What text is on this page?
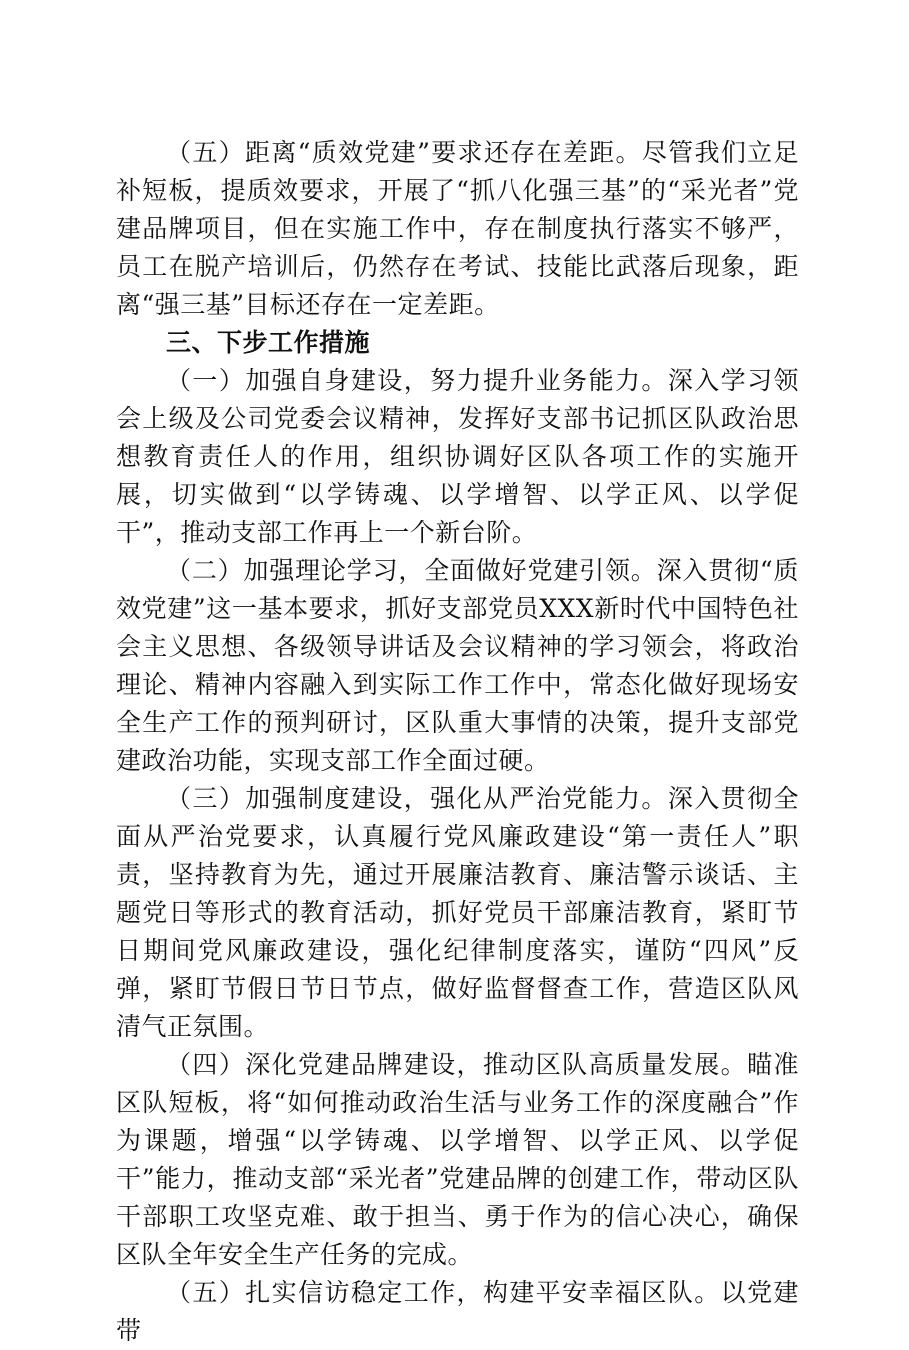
（五）距离“质效党建”要求还存在差距。尽管我们立足补短板，提质效要求，开展了“抓八化强三基”的“采光者”党建品牌项目，但在实施工作中，存在制度执行落实不够严，员工在脱产培训后，仍然存在考试、技能比武落后现象，距离“强三基”目标还存在一定差距。

三、下步工作措施

（一）加强自身建设，努力提升业务能力。深入学习领会上级及公司党委会议精神，发挥好支部书记抓区队政治思想教育责任人的作用，组织协调好区队各项工作的实施开展，切实做到“以学铸魂、以学增智、以学正风、以学促干”，推动支部工作再上一个新台阶。

（二）加强理论学习，全面做好党建引领。深入贯彻“质效党建”这一基本要求，抓好支部党员XXX新时代中国特色社会主义思想、各级领导讲话及会议精神的学习领会，将政治理论、精神内容融入到实际工作工作中，常态化做好现场安全生产工作的预判研讨，区队重大事情的决策，提升支部党建政治功能，实现支部工作全面过硬。

（三）加强制度建设，强化从严治党能力。深入贯彻全面从严治党要求，认真履行党风廉政建设“第一责任人”职责，坚持教育为先，通过开展廉洁教育、廉洁警示谈话、主题党日等形式的教育活动，抓好党员干部廉洁教育，紧盯节日期间党风廉政建设，强化纪律制度落实，谨防“四风”反弹，紧盯节假日节日节点，做好监督督查工作，营造区队风清气正氛围。

（四）深化党建品牌建设，推动区队高质量发展。瞄准区队短板，将“如何推动政治生活与业务工作的深度融合”作为课题，增强“以学铸魂、以学增智、以学正风、以学促干”能力，推动支部“采光者”党建品牌的创建工作，带动区队干部职工攻坚克难、敢于担当、勇于作为的信心决心，确保区队全年安全生产任务的完成。

（五）扎实信访稳定工作，构建平安幸福区队。以党建带
